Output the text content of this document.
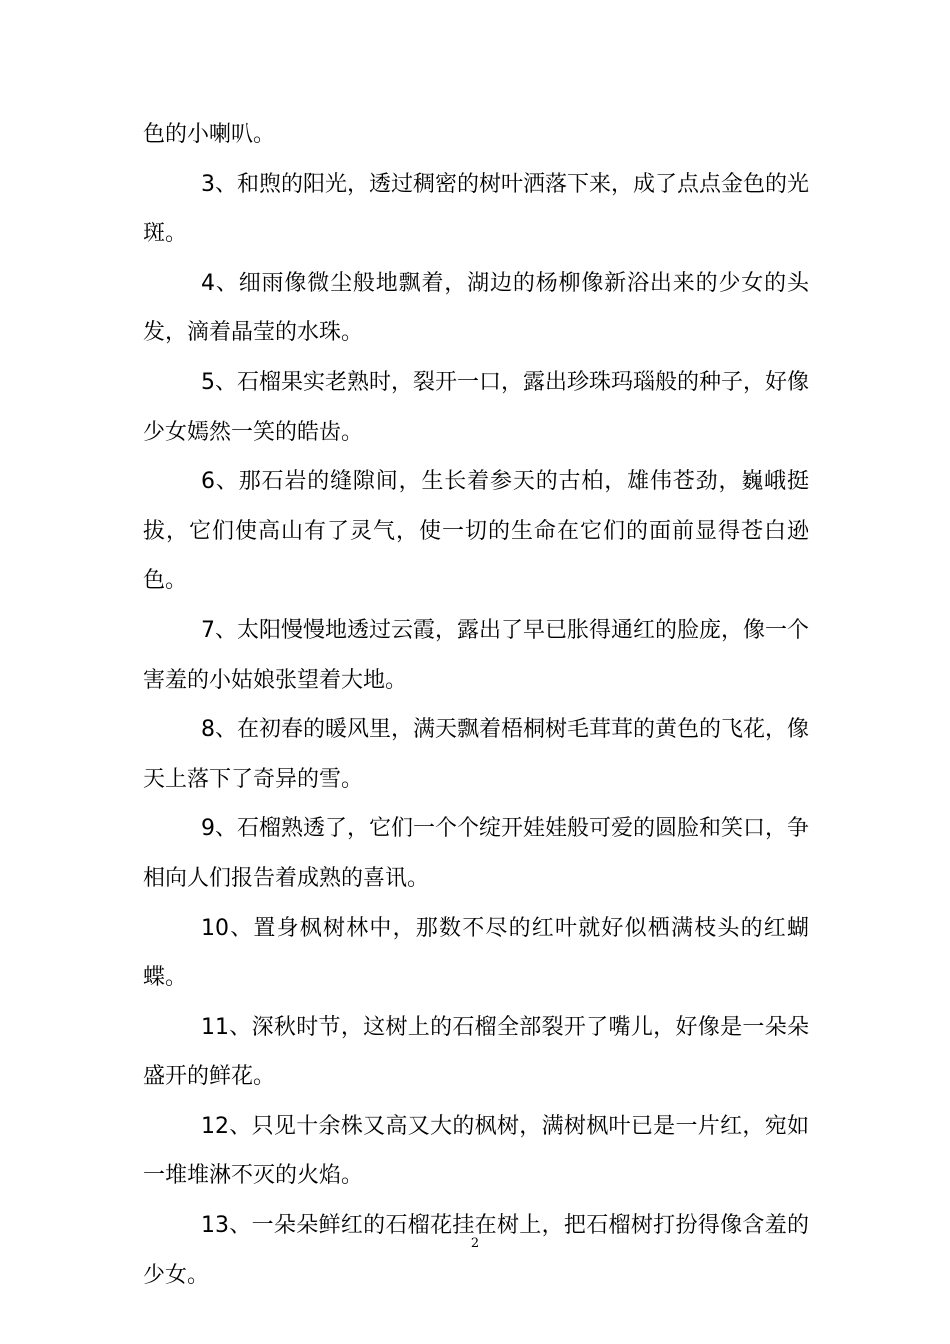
色的小喇叭。

3、和煦的阳光，透过稠密的树叶洒落下来，成了点点金色的光斑。

4、细雨像微尘般地飘着，湖边的杨柳像新浴出来的少女的头发，滴着晶莹的水珠。

5、石榴果实老熟时，裂开一口，露出珍珠玛瑙般的种子，好像少女嫣然一笑的皓齿。

6、那石岩的缝隙间，生长着参天的古柏，雄伟苍劲，巍峨挺拔，它们使高山有了灵气，使一切的生命在它们的面前显得苍白逊色。

7、太阳慢慢地透过云霞，露出了早已胀得通红的脸庞，像一个害羞的小姑娘张望着大地。

8、在初春的暖风里，满天飘着梧桐树毛茸茸的黄色的飞花，像天上落下了奇异的雪。

9、石榴熟透了，它们一个个绽开娃娃般可爱的圆脸和笑口，争相向人们报告着成熟的喜讯。

10、置身枫树林中，那数不尽的红叶就好似栖满枝头的红蝴蝶。

11、深秋时节，这树上的石榴全部裂开了嘴儿，好像是一朵朵盛开的鲜花。

12、只见十余株又高又大的枫树，满树枫叶已是一片红，宛如一堆堆淋不灭的火焰。

13、一朵朵鲜红的石榴花挂在树上，把石榴树打扮得像含羞的少女。

2
